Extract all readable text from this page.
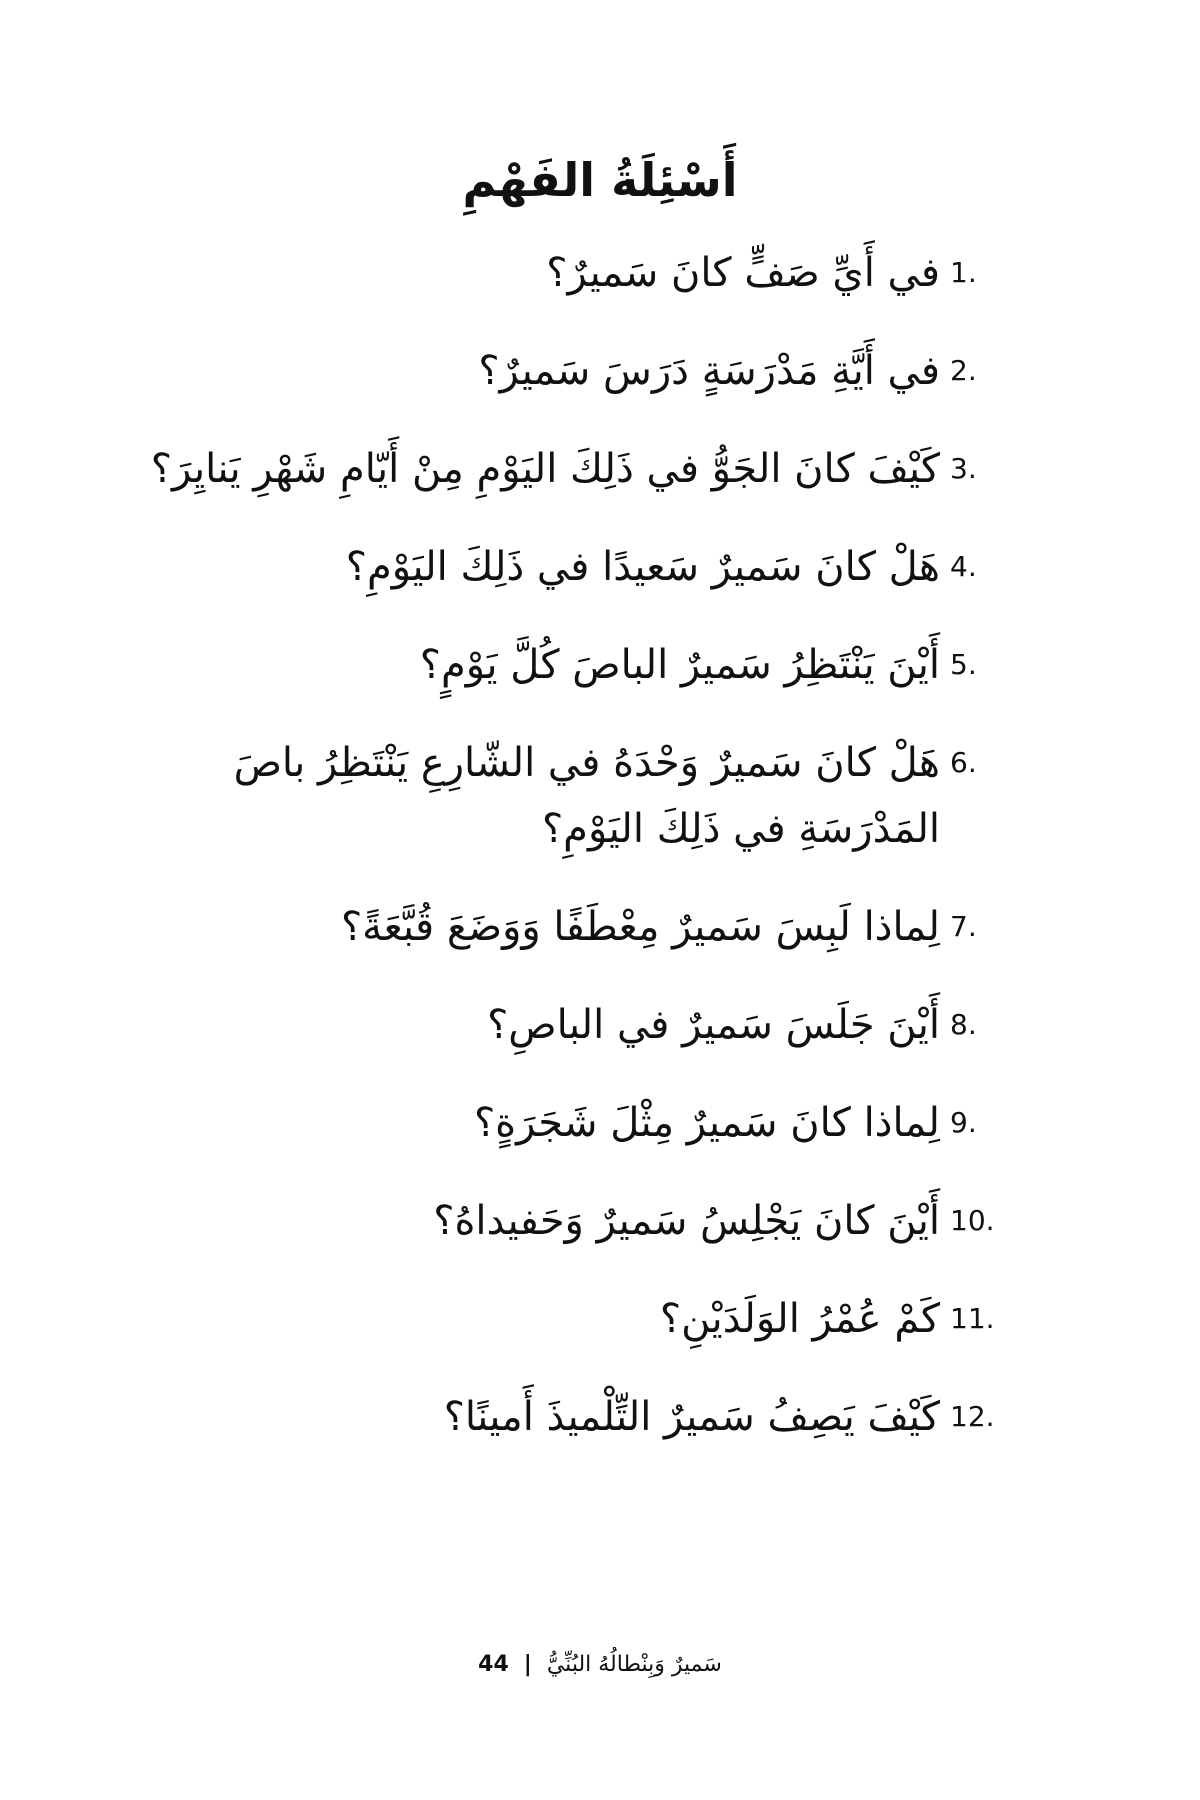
أَسْئِلَةُ الفَهْمِ
1.
في أَيِّ صَفٍّ كانَ سَميرٌ؟
2.
في أَيَّةِ مَدْرَسَةٍ دَرَسَ سَميرٌ؟
3.
كَيْفَ كانَ الجَوُّ في ذَلِكَ اليَوْمِ مِنْ أَيّامِ شَهْرِ يَنايِرَ؟
4.
هَلْ كانَ سَميرٌ سَعيدًا في ذَلِكَ اليَوْمِ؟
5.
أَيْنَ يَنْتَظِرُ سَميرٌ الباصَ كُلَّ يَوْمٍ؟
6.
هَلْ كانَ سَميرٌ وَحْدَهُ في الشّارِعِ يَنْتَظِرُ باصَ
المَدْرَسَةِ في ذَلِكَ اليَوْمِ؟
7.
لِماذا لَبِسَ سَميرٌ مِعْطَفًا وَوَضَعَ قُبَّعَةً؟
8.
أَيْنَ جَلَسَ سَميرٌ في الباصِ؟
9.
لِماذا كانَ سَميرٌ مِثْلَ شَجَرَةٍ؟
10.
أَيْنَ كانَ يَجْلِسُ سَميرٌ وَحَفيداهُ؟
11.
كَمْ عُمْرُ الوَلَدَيْنِ؟
12.
كَيْفَ يَصِفُ سَميرٌ التِّلْميذَ أَمينًا؟
44 | سَميرٌ وَبِنْطالُهُ البُنِّيُّ
